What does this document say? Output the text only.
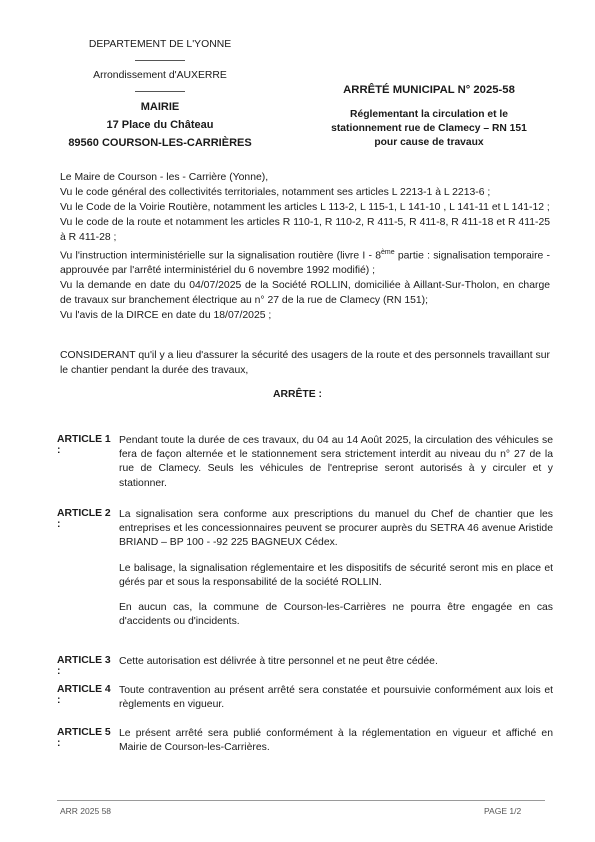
DEPARTEMENT DE L'YONNE
Arrondissement d'AUXERRE
MAIRIE
17 Place du Château
89560 COURSON-LES-CARRIÈRES
ARRÊTÉ MUNICIPAL N° 2025-58
Réglementant la circulation et le
stationnement rue de Clamecy – RN 151
pour cause de travaux
Le Maire de Courson - les - Carrière (Yonne),
Vu le code général des collectivités territoriales, notamment ses articles L 2213-1 à L 2213-6 ;
Vu le Code de la Voirie Routière, notamment les articles L 113-2, L 115-1, L 141-10 , L 141-11 et L 141-12 ;
Vu le code de la route et notamment les articles R 110-1, R 110-2, R 411-5, R 411-8, R 411-18 et R 411-25 à R 411-28 ;
Vu l'instruction interministérielle sur la signalisation routière (livre I - 8ème partie : signalisation temporaire - approuvée par l'arrêté interministériel du 6 novembre 1992 modifié) ;
Vu la demande en date du 04/07/2025 de la Société ROLLIN, domiciliée à Aillant-Sur-Tholon, en charge de travaux sur branchement électrique au n° 27 de la rue de Clamecy (RN 151);
Vu l'avis de la DIRCE en date du 18/07/2025 ;
CONSIDERANT qu'il y a lieu d'assurer la sécurité des usagers de la route et des personnels travaillant sur le chantier pendant la durée des travaux,
ARRÊTE :
ARTICLE 1 :

Pendant toute la durée de ces travaux, du 04 au 14 Août 2025, la circulation des véhicules se fera de façon alternée et le stationnement sera strictement interdit au niveau du n° 27 de la rue de Clamecy. Seuls les véhicules de l'entreprise seront autorisés à y circuler et y stationner.

ARTICLE 2 :

La signalisation sera conforme aux prescriptions du manuel du Chef de chantier que les entreprises et les concessionnaires peuvent se procurer auprès du SETRA 46 avenue Aristide BRIAND – BP 100 - -92 225 BAGNEUX Cédex.

Le balisage, la signalisation réglementaire et les dispositifs de sécurité seront mis en place et gérés par et sous la responsabilité de la société ROLLIN.

En aucun cas, la commune de Courson-les-Carrières ne pourra être engagée en cas d'accidents ou d'incidents.

ARTICLE 3 :

Cette autorisation est délivrée à titre personnel et ne peut être cédée.

ARTICLE 4 :

Toute contravention au présent arrêté sera constatée et poursuivie conformément aux lois et règlements en vigueur.

ARTICLE 5 :

Le présent arrêté sera publié conformément à la réglementation en vigueur et affiché en Mairie de Courson-les-Carrières.

ARR 2025 58	PAGE 1/2
